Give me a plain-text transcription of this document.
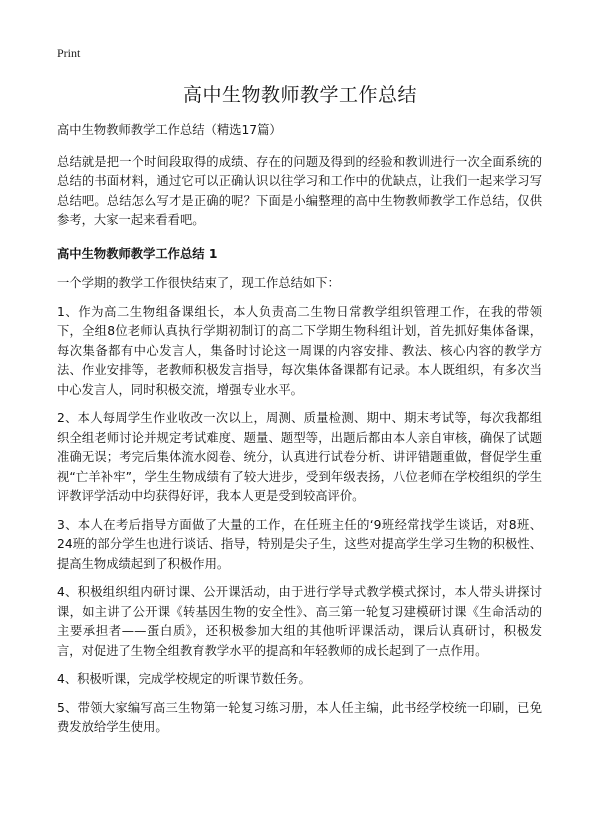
Print
高中生物教师教学工作总结

高中生物教师教学工作总结（精选17篇）

总结就是把一个时间段取得的成绩、存在的问题及得到的经验和教训进行一次全面系统的总结的书面材料，通过它可以正确认识以往学习和工作中的优缺点，让我们一起来学习写总结吧。总结怎么写才是正确的呢？下面是小编整理的高中生物教师教学工作总结，仅供参考，大家一起来看看吧。

高中生物教师教学工作总结 1

一个学期的教学工作很快结束了，现工作总结如下：

1、作为高二生物组备课组长，本人负责高二生物日常教学组织管理工作，在我的带领下，全组8位老师认真执行学期初制订的高二下学期生物科组计划，首先抓好集体备课，每次集备都有中心发言人，集备时讨论这一周课的内容安排、教法、核心内容的教学方法、作业安排等，老教师积极发言指导，每次集体备课都有记录。本人既组织，有多次当中心发言人，同时积极交流，增强专业水平。

2、本人每周学生作业收改一次以上，周测、质量检测、期中、期末考试等，每次我都组织全组老师讨论并规定考试难度、题量、题型等，出题后都由本人亲自审核，确保了试题准确无误；考完后集体流水阅卷、统分，认真进行试卷分析、讲评错题重做，督促学生重视“亡羊补牢”，学生生物成绩有了较大进步，受到年级表扬，八位老师在学校组织的学生评教评学活动中均获得好评，我本人更是受到较高评价。

3、本人在考后指导方面做了大量的工作，在任班主任的‘9班经常找学生谈话，对8班、24班的部分学生也进行谈话、指导，特别是尖子生，这些对提高学生学习生物的积极性、提高生物成绩起到了积极作用。

4、积极组织组内研讨课、公开课活动，由于进行学导式教学模式探讨，本人带头讲探讨课，如主讲了公开课《转基因生物的安全性》、高三第一轮复习建模研讨课《生命活动的主要承担者——蛋白质》，还积极参加大组的其他听评课活动，课后认真研讨，积极发言，对促进了生物全组教育教学水平的提高和年轻教师的成长起到了一点作用。

4、积极听课，完成学校规定的听课节数任务。

5、带领大家编写高三生物第一轮复习练习册，本人任主编，此书经学校统一印刷，已免费发放给学生使用。
